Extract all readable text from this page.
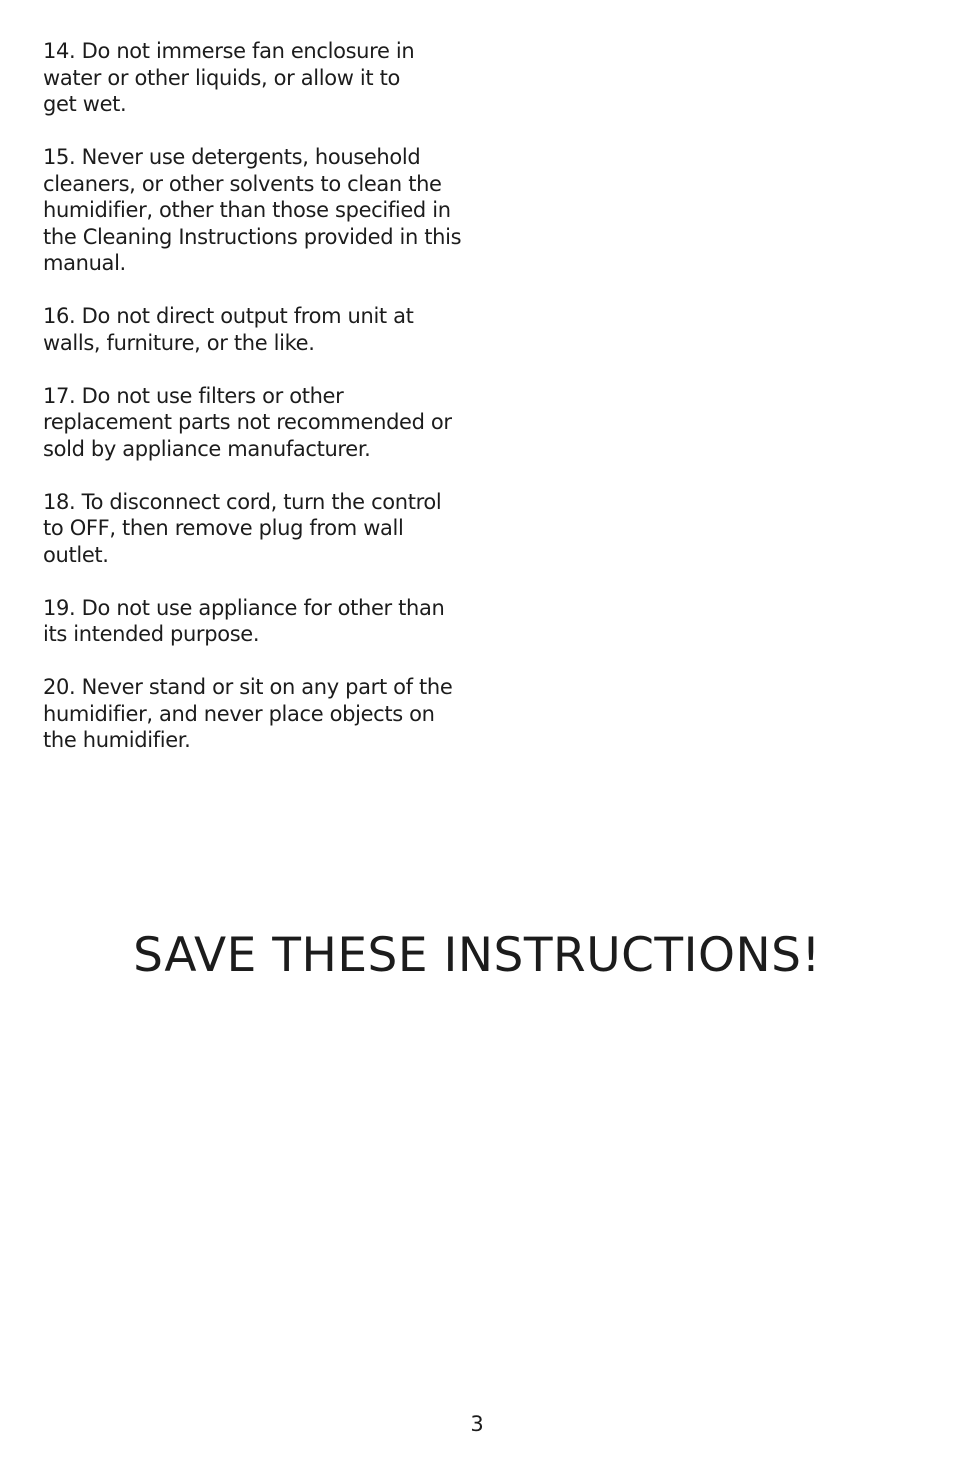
14. Do not immerse fan enclosure in
water or other liquids, or allow it to
get wet.
15. Never use detergents, household
cleaners, or other solvents to clean the
humidifier, other than those specified in
the Cleaning Instructions provided in this
manual.
16. Do not direct output from unit at
walls, furniture, or the like.
17. Do not use filters or other
replacement parts not recommended or
sold by appliance manufacturer.
18. To disconnect cord, turn the control
to OFF, then remove plug from wall
outlet.
19. Do not use appliance for other than
its intended purpose.
20. Never stand or sit on any part of the
humidifier, and never place objects on
the humidifier.
SAVE THESE INSTRUCTIONS!
3
